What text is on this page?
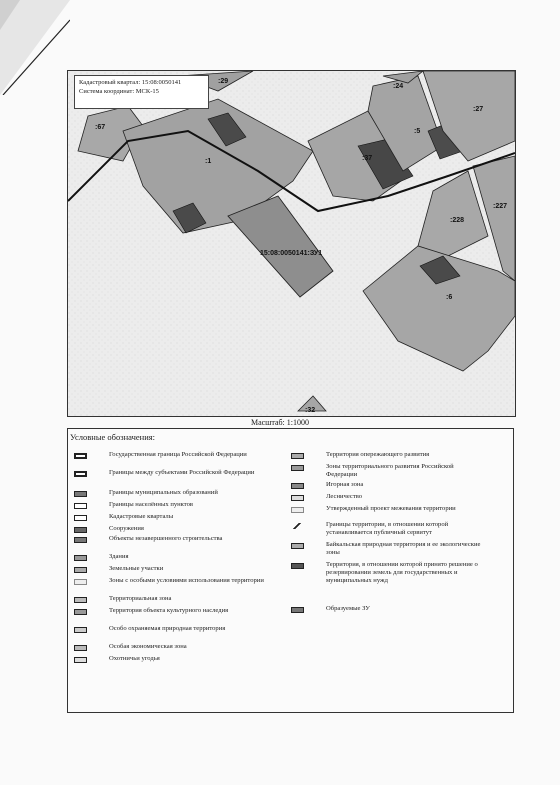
:29
:24
:27
:67
:1
:5
:37
:228
:227
15:08:0050141:ЗУ1
:6
:32
Кадастровый квартал: 15:08:0050141
Система координат: МСК-15
Масштаб: 1:1000
Условные обозначения:
Государственная граница Российской Федерации
Границы между субъектами Российской Федерации
Границы муниципальных образований
Границы населённых пунктов
Кадастровые кварталы
Сооружения
Объекты незавершенного строительства
Здания
Земельные участки
Зоны с особыми условиями использования территории
Территориальная зона
Территория объекта культурного наследия
Особо охраняемая природная территория
Особая экономическая зона
Охотничьи угодья
Территория опережающего развития
Зоны территориального развития Российской Федерации
Игорная зона
Лесничество
Утвержденный проект межевания территории
Границы территории, в отношении которой устанавливается публичный сервитут
Байкальская природная территория и ее экологические зоны
Территория, в отношении которой принято решение о резервировании земель для государственных и муниципальных нужд
Образуемые ЗУ
